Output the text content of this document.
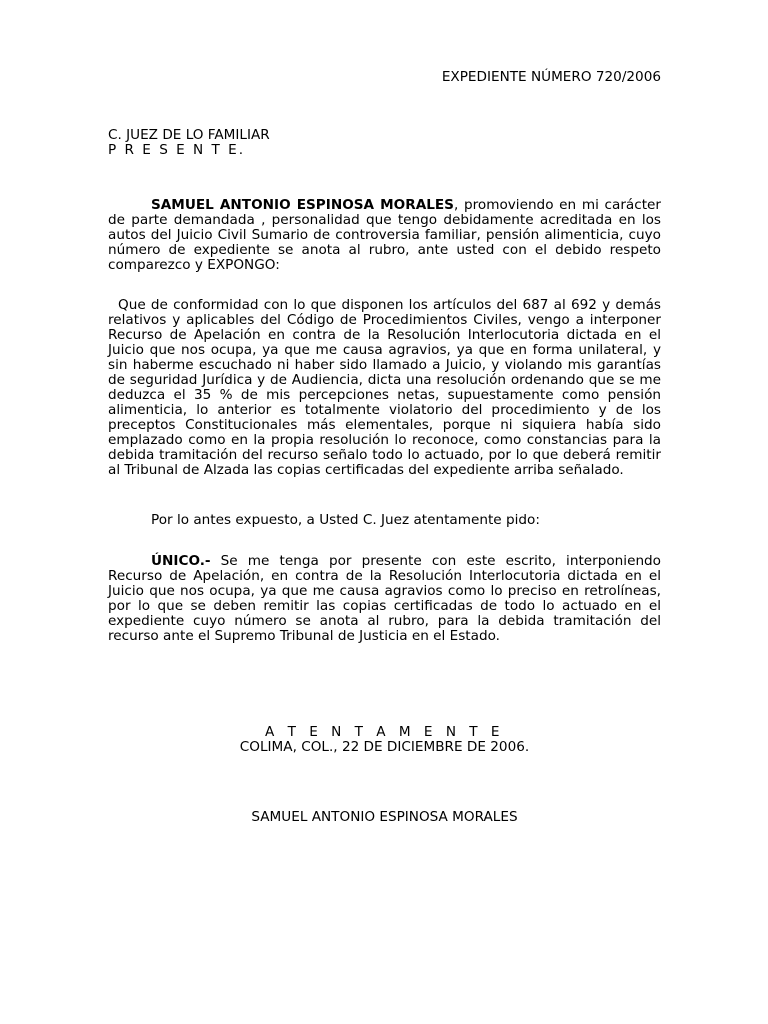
EXPEDIENTE NÚMERO 720/2006
C. JUEZ DE LO FAMILIAR
P R E S E N T E.
SAMUEL ANTONIO ESPINOSA MORALES, promoviendo en mi carácter de parte demandada , personalidad que tengo debidamente acreditada en los autos del Juicio Civil Sumario de controversia familiar, pensión alimenticia, cuyo número de expediente se anota al rubro, ante usted con el debido respeto comparezco y EXPONGO:
Que de conformidad con lo que disponen los artículos del 687 al 692 y demás relativos y aplicables del Código de Procedimientos Civiles, vengo a interponer Recurso de Apelación en contra de la Resolución Interlocutoria dictada en el Juicio que nos ocupa, ya que me causa agravios, ya que en forma unilateral, y sin haberme escuchado ni haber sido llamado a Juicio, y violando mis garantías de seguridad Jurídica y de Audiencia, dicta una resolución ordenando que se me deduzca el 35 % de mis percepciones netas, supuestamente como pensión alimenticia, lo anterior es totalmente violatorio del procedimiento y de los preceptos Constitucionales más elementales, porque ni siquiera había sido emplazado como en la propia resolución lo reconoce, como constancias para la debida tramitación del recurso señalo todo lo actuado, por lo que deberá remitir al Tribunal de Alzada las copias certificadas del expediente arriba señalado.
Por lo antes expuesto, a Usted C. Juez atentamente pido:
ÚNICO.- Se me tenga por presente con este escrito, interponiendo Recurso de Apelación, en contra de la Resolución Interlocutoria dictada en el Juicio que nos ocupa, ya que me causa agravios como lo preciso en retrolíneas, por lo que se deben remitir las copias certificadas de todo lo actuado en el expediente cuyo número se anota al rubro, para la debida tramitación del recurso ante el Supremo Tribunal de Justicia en el Estado.
A T E N T A M E N T E
COLIMA, COL., 22 DE DICIEMBRE DE 2006.
SAMUEL ANTONIO ESPINOSA MORALES
